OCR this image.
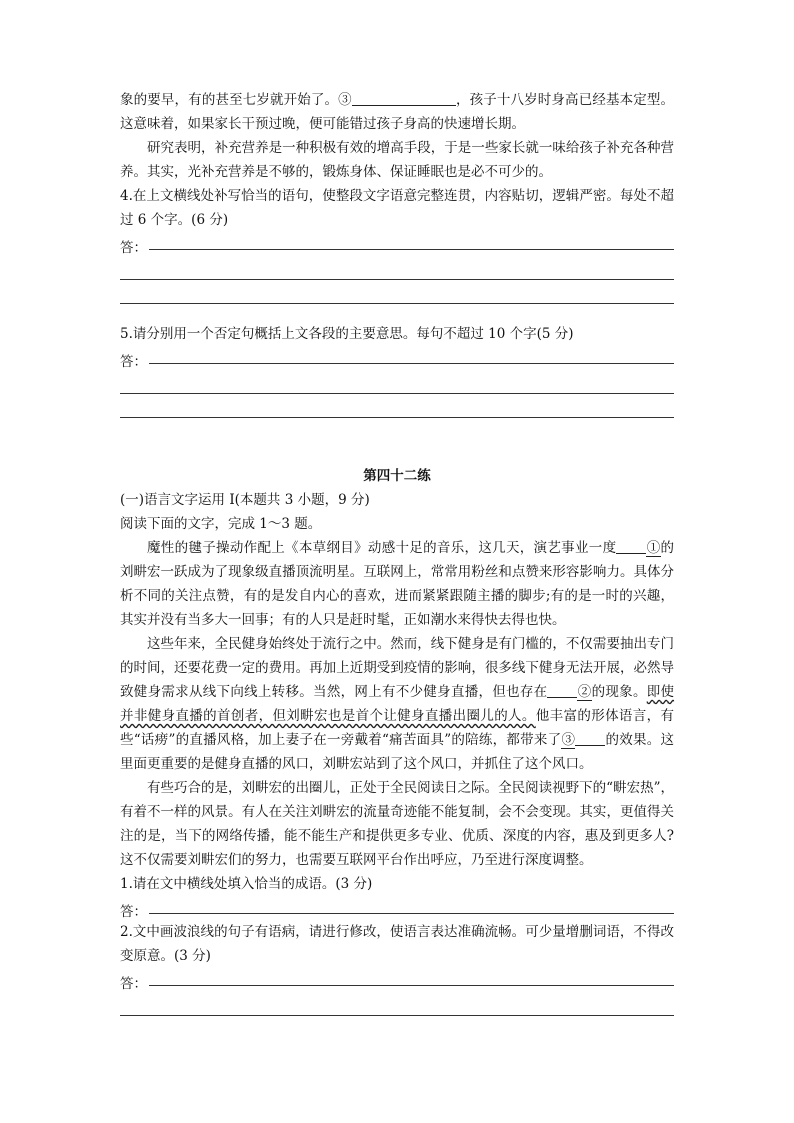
象的要早，有的甚至七岁就开始了。③	，孩子十八岁时身高已经基本定型。这意味着，如果家长干预过晚，便可能错过孩子身高的快速增长期。

研究表明，补充营养是一种积极有效的增高手段，于是一些家长就一味给孩子补充各种营养。其实，光补充营养是不够的，锻炼身体、保证睡眠也是必不可少的。

4.在上文横线处补写恰当的语句，使整段文字语意完整连贯，内容贴切，逻辑严密。每处不超过 6 个字。(6 分)

答：

5.请分别用一个否定句概括上文各段的主要意思。每句不超过 10 个字(5 分)

答：

第四十二练

(一)语言文字运用 I(本题共 3 小题，9 分)

阅读下面的文字，完成 1～3 题。

魔性的毽子操动作配上《本草纲目》动感十足的音乐，这几天，演艺事业一度 ①的刘畊宏一跃成为了现象级直播顶流明星。互联网上，常常用粉丝和点赞来形容影响力。具体分析不同的关注点赞，有的是发自内心的喜欢，进而紧紧跟随主播的脚步;有的是一时的兴趣，其实并没有当多大一回事；有的人只是赶时髦，正如潮水来得快去得也快。

这些年来，全民健身始终处于流行之中。然而，线下健身是有门槛的，不仅需要抽出专门的时间，还要花费一定的费用。再加上近期受到疫情的影响，很多线下健身无法开展，必然导致健身需求从线下向线上转移。当然，网上有不少健身直播，但也存在 ②的现象。即使并非健身直播的首创者，但刘畊宏也是首个让健身直播出圈儿的人。他丰富的形体语言，有些“话痨”的直播风格，加上妻子在一旁戴着“痛苦面具”的陪练，都带来了③ 的效果。这里面更重要的是健身直播的风口，刘畊宏站到了这个风口，并抓住了这个风口。

有些巧合的是，刘畊宏的出圈儿，正处于全民阅读日之际。全民阅读视野下的“畊宏热”，有着不一样的风景。有人在关注刘畊宏的流量奇迹能不能复制，会不会变现。其实，更值得关注的是，当下的网络传播，能不能生产和提供更多专业、优质、深度的内容，惠及到更多人?这不仅需要刘畊宏们的努力，也需要互联网平台作出呼应，乃至进行深度调整。

1.请在文中横线处填入恰当的成语。(3 分)

答：

2.文中画波浪线的句子有语病，请进行修改，使语言表达准确流畅。可少量增删词语，不得改变原意。(3 分)

答：
